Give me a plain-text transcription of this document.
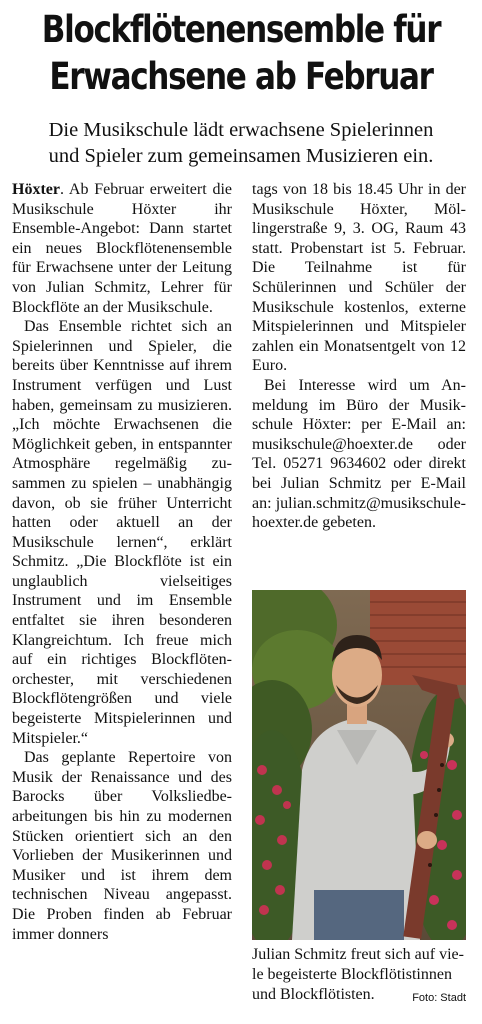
Blockflötenensemble für
Erwachsene ab Februar
Die Musikschule lädt erwachsene Spielerinnen
und Spieler zum gemeinsamen Musizieren ein.

Höxter. Ab Februar erweitert die Musikschule Höxter ihr Ensemble-Angebot: Dann startet ein neues Blockflötenensemble für Erwachsene unter der Leitung von Julian Schmitz, Lehrer für Blockflöte an der Musikschule.

Das Ensemble richtet sich an Spielerinnen und Spieler, die bereits über Kenntnisse auf ihrem Instrument verfügen und Lust haben, gemeinsam zu musizieren. „Ich möchte Erwachsenen die Möglichkeit geben, in entspannter Atmosphäre regelmäßig zusammen zu spielen – unabhängig davon, ob sie früher Unterricht hatten oder aktuell an der Musikschule lernen“, erklärt Schmitz. „Die Blockflöte ist ein unglaublich vielseitiges Instrument und im Ensemble entfaltet sie ihren besonderen Klangreichtum. Ich freue mich auf ein richtiges Blockflötenorchester, mit verschiedenen Blockflötengrößen und viele begeisterte Mitspielerinnen und Mitspieler.“

Das geplante Repertoire von Musik der Renaissance und des Barocks über Volksliedbearbeitungen bis hin zu modernen Stücken orientiert sich an den Vorlieben der Musikerinnen und Musiker und ist ihrem dem technischen Niveau angepasst. Die Proben finden ab Februar immer donners

tags von 18 bis 18.45 Uhr in der Musikschule Höxter, Möllingerstraße 9, 3. OG, Raum 43 statt. Probenstart ist 5. Februar. Die Teilnahme ist für Schülerinnen und Schüler der Musikschule kostenlos, externe Mitspielerinnen und Mitspieler zahlen ein Monatsentgelt von 12 Euro.

Bei Interesse wird um Anmeldung im Büro der Musikschule Höxter: per E-Mail an: musikschule@hoexter.de oder Tel. 05271 9634602 oder direkt bei Julian Schmitz per E-Mail an: julian.schmitz@musikschule-hoexter.de gebeten.

Julian Schmitz freut sich auf viele begeisterte Blockflötistinnen und Blockflötisten.	Foto: Stadt
